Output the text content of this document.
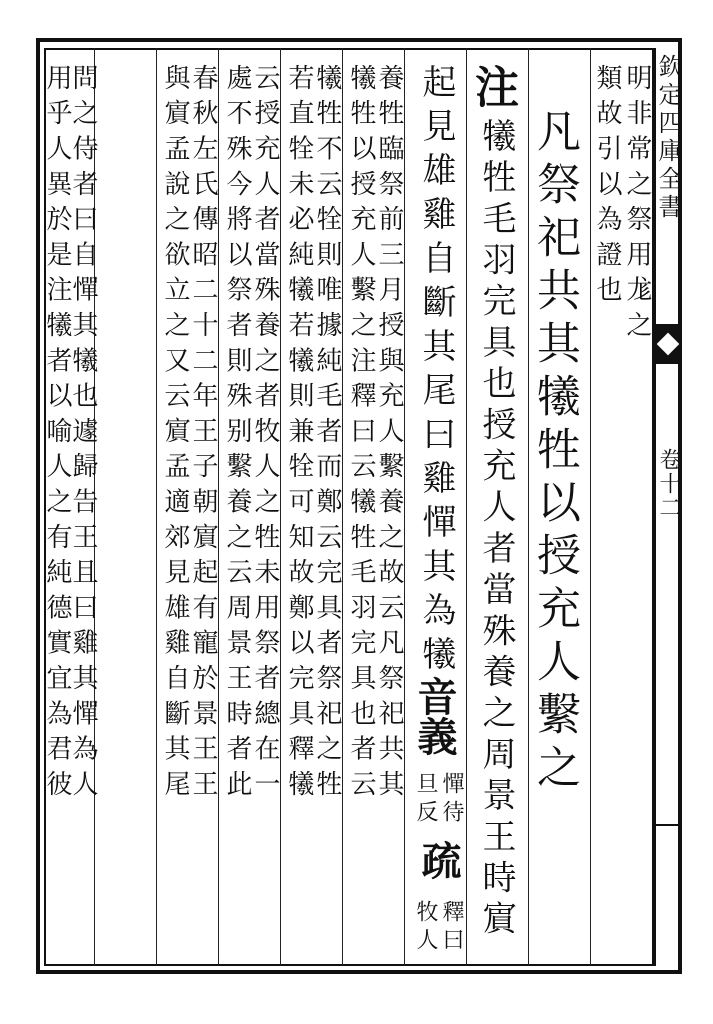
欽定四庫全書
卷十二
明非常之祭用尨之
類故引以為證也
凡祭祀共其犧牲以授充人繫之
注
犧牲毛羽完具也授充人者當殊養之周景王時賔
起見雄雞自斷其尾曰雞憚其為犧
音義
憚待
旦反
疏
釋曰
牧人
養牲臨祭前三月授與充人繫養之故云凡祭祀共其
犧牲以授充人繫之注釋曰云犧牲毛羽完具也者云
犧牲不云牷則唯據純毛者而鄭云完具者祭祀之牲
若直牷未必純犧若犧則兼牷可知故鄭以完具釋犧
云授充人者當殊養之者牧人之牲未用祭者總在一
處不殊今將以祭者則殊别繫養之云周景王時者此
春秋左氏傳昭二十二年王子朝賔起有寵於景王王
與賔孟說之欲立之又云賔孟適郊見雄雞自斷其尾
問之侍者曰自憚其犧也遽歸告王且曰雞其憚為人
用乎人異於是注犧者以喻人之有純德實宜為君彼
